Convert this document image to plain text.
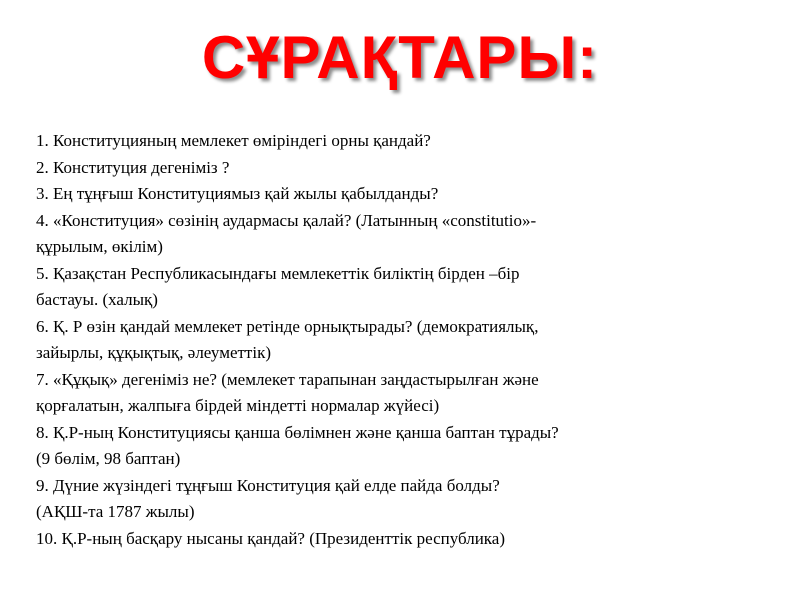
СҰРАҚТАРЫ:
1. Конституцияның мемлекет өміріндегі орны қандай?
2. Конституция дегеніміз ?
3. Ең тұңғыш Конституциямыз қай жылы қабылданды?
4. «Конституция» сөзінің аудармасы қалай? (Латынның «constitutio»-
құрылым, өкілім)
5. Қазақстан Республикасындағы мемлекеттік биліктің бірден –бір
бастауы. (халық)
6. Қ. Р өзін қандай мемлекет ретінде орнықтырады? (демократиялық,
зайырлы, құқықтық, әлеуметтік)
7. «Құқық» дегеніміз не? (мемлекет тарапынан заңдастырылған және
қорғалатын, жалпыға бірдей міндетті нормалар жүйесі)
8. Қ.Р-ның Конституциясы қанша бөлімнен және қанша баптан тұрады?
(9 бөлім, 98 баптан)
9. Дүние жүзіндегі тұңғыш Конституция қай елде пайда болды?
(АҚШ-та 1787 жылы)
10. Қ.Р-ның басқару нысаны қандай? (Президенттік республика)
